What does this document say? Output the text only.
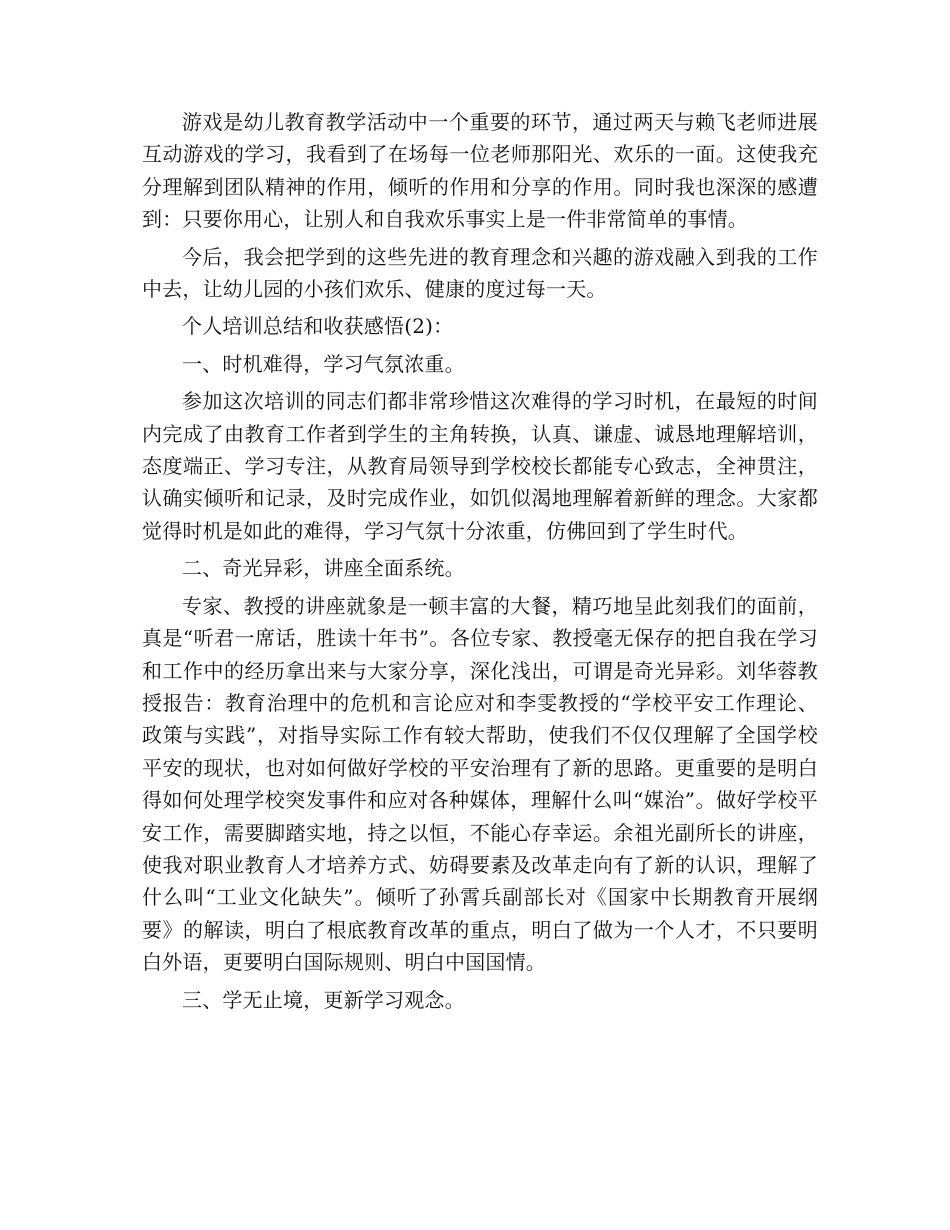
游戏是幼儿教育教学活动中一个重要的环节，通过两天与赖飞老师进展互动游戏的学习，我看到了在场每一位老师那阳光、欢乐的一面。这使我充分理解到团队精神的作用，倾听的作用和分享的作用。同时我也深深的感遭到：只要你用心，让别人和自我欢乐事实上是一件非常简单的事情。

今后，我会把学到的这些先进的教育理念和兴趣的游戏融入到我的工作中去，让幼儿园的小孩们欢乐、健康的度过每一天。

个人培训总结和收获感悟(2)：

一、时机难得，学习气氛浓重。

参加这次培训的同志们都非常珍惜这次难得的学习时机，在最短的时间内完成了由教育工作者到学生的主角转换，认真、谦虚、诚恳地理解培训，态度端正、学习专注，从教育局领导到学校校长都能专心致志，全神贯注，认确实倾听和记录，及时完成作业，如饥似渴地理解着新鲜的理念。大家都觉得时机是如此的难得，学习气氛十分浓重，仿佛回到了学生时代。

二、奇光异彩，讲座全面系统。

专家、教授的讲座就象是一顿丰富的大餐，精巧地呈此刻我们的面前，真是“听君一席话，胜读十年书”。各位专家、教授毫无保存的把自我在学习和工作中的经历拿出来与大家分享，深化浅出，可谓是奇光异彩。刘华蓉教授报告：教育治理中的危机和言论应对和李雯教授的“学校平安工作理论、政策与实践”，对指导实际工作有较大帮助，使我们不仅仅理解了全国学校平安的现状，也对如何做好学校的平安治理有了新的思路。更重要的是明白得如何处理学校突发事件和应对各种媒体，理解什么叫“媒治”。做好学校平安工作，需要脚踏实地，持之以恒，不能心存幸运。余祖光副所长的讲座，使我对职业教育人才培养方式、妨碍要素及改革走向有了新的认识，理解了什么叫“工业文化缺失”。倾听了孙霄兵副部长对《国家中长期教育开展纲要》的解读，明白了根底教育改革的重点，明白了做为一个人才，不只要明白外语，更要明白国际规则、明白中国国情。

三、学无止境，更新学习观念。
